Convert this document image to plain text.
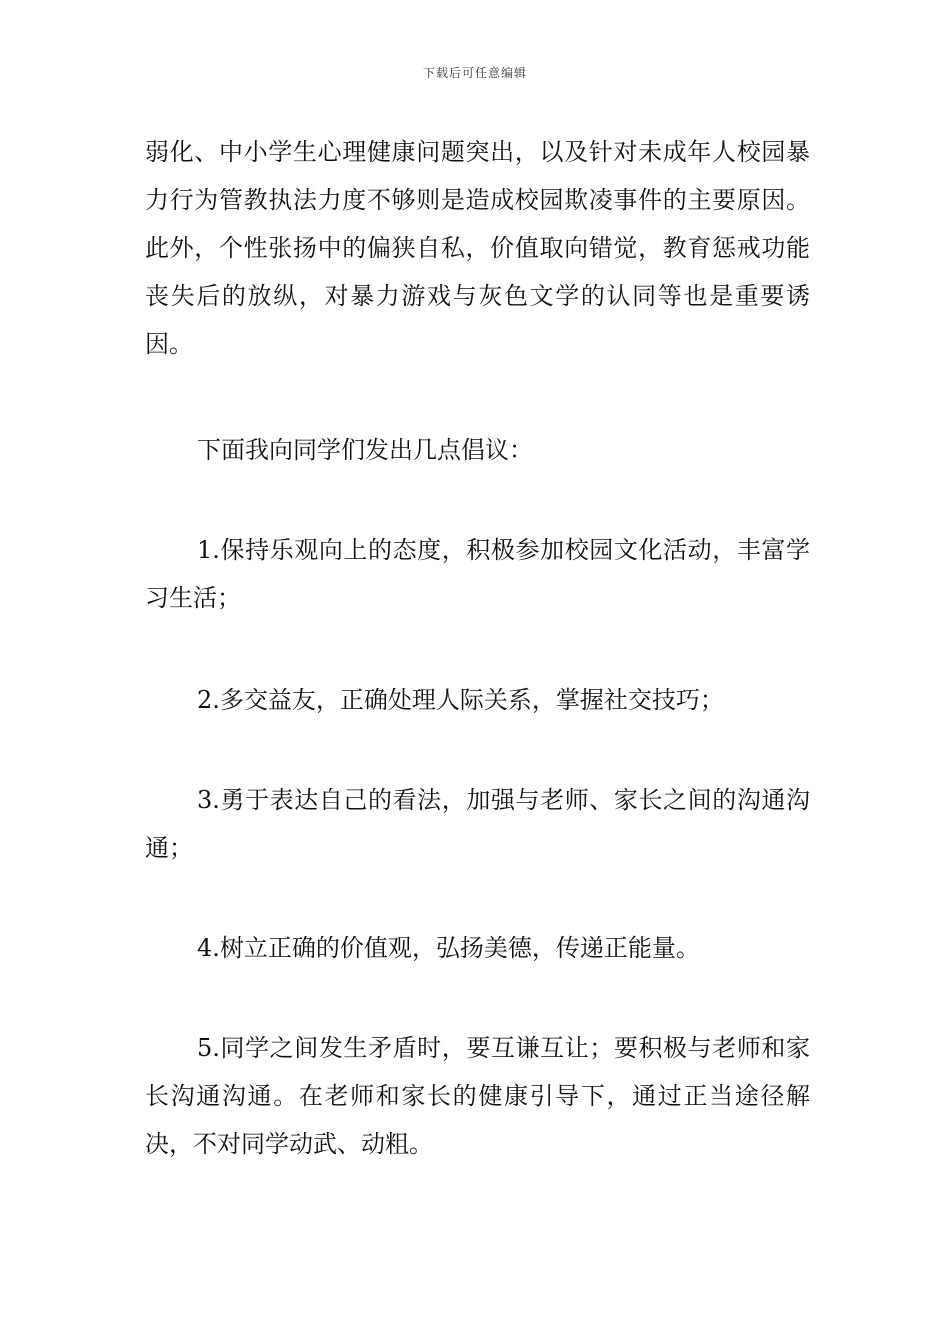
下载后可任意编辑

弱化、中小学生心理健康问题突出，以及针对未成年人校园暴力行为管教执法力度不够则是造成校园欺凌事件的主要原因。此外，个性张扬中的偏狭自私，价值取向错觉，教育惩戒功能丧失后的放纵，对暴力游戏与灰色文学的认同等也是重要诱因。

下面我向同学们发出几点倡议：

1.保持乐观向上的态度，积极参加校园文化活动，丰富学习生活；

2.多交益友，正确处理人际关系，掌握社交技巧；

3.勇于表达自己的看法，加强与老师、家长之间的沟通沟通；

4.树立正确的价值观，弘扬美德，传递正能量。

5.同学之间发生矛盾时，要互谦互让；要积极与老师和家长沟通沟通。在老师和家长的健康引导下，通过正当途径解决，不对同学动武、动粗。
